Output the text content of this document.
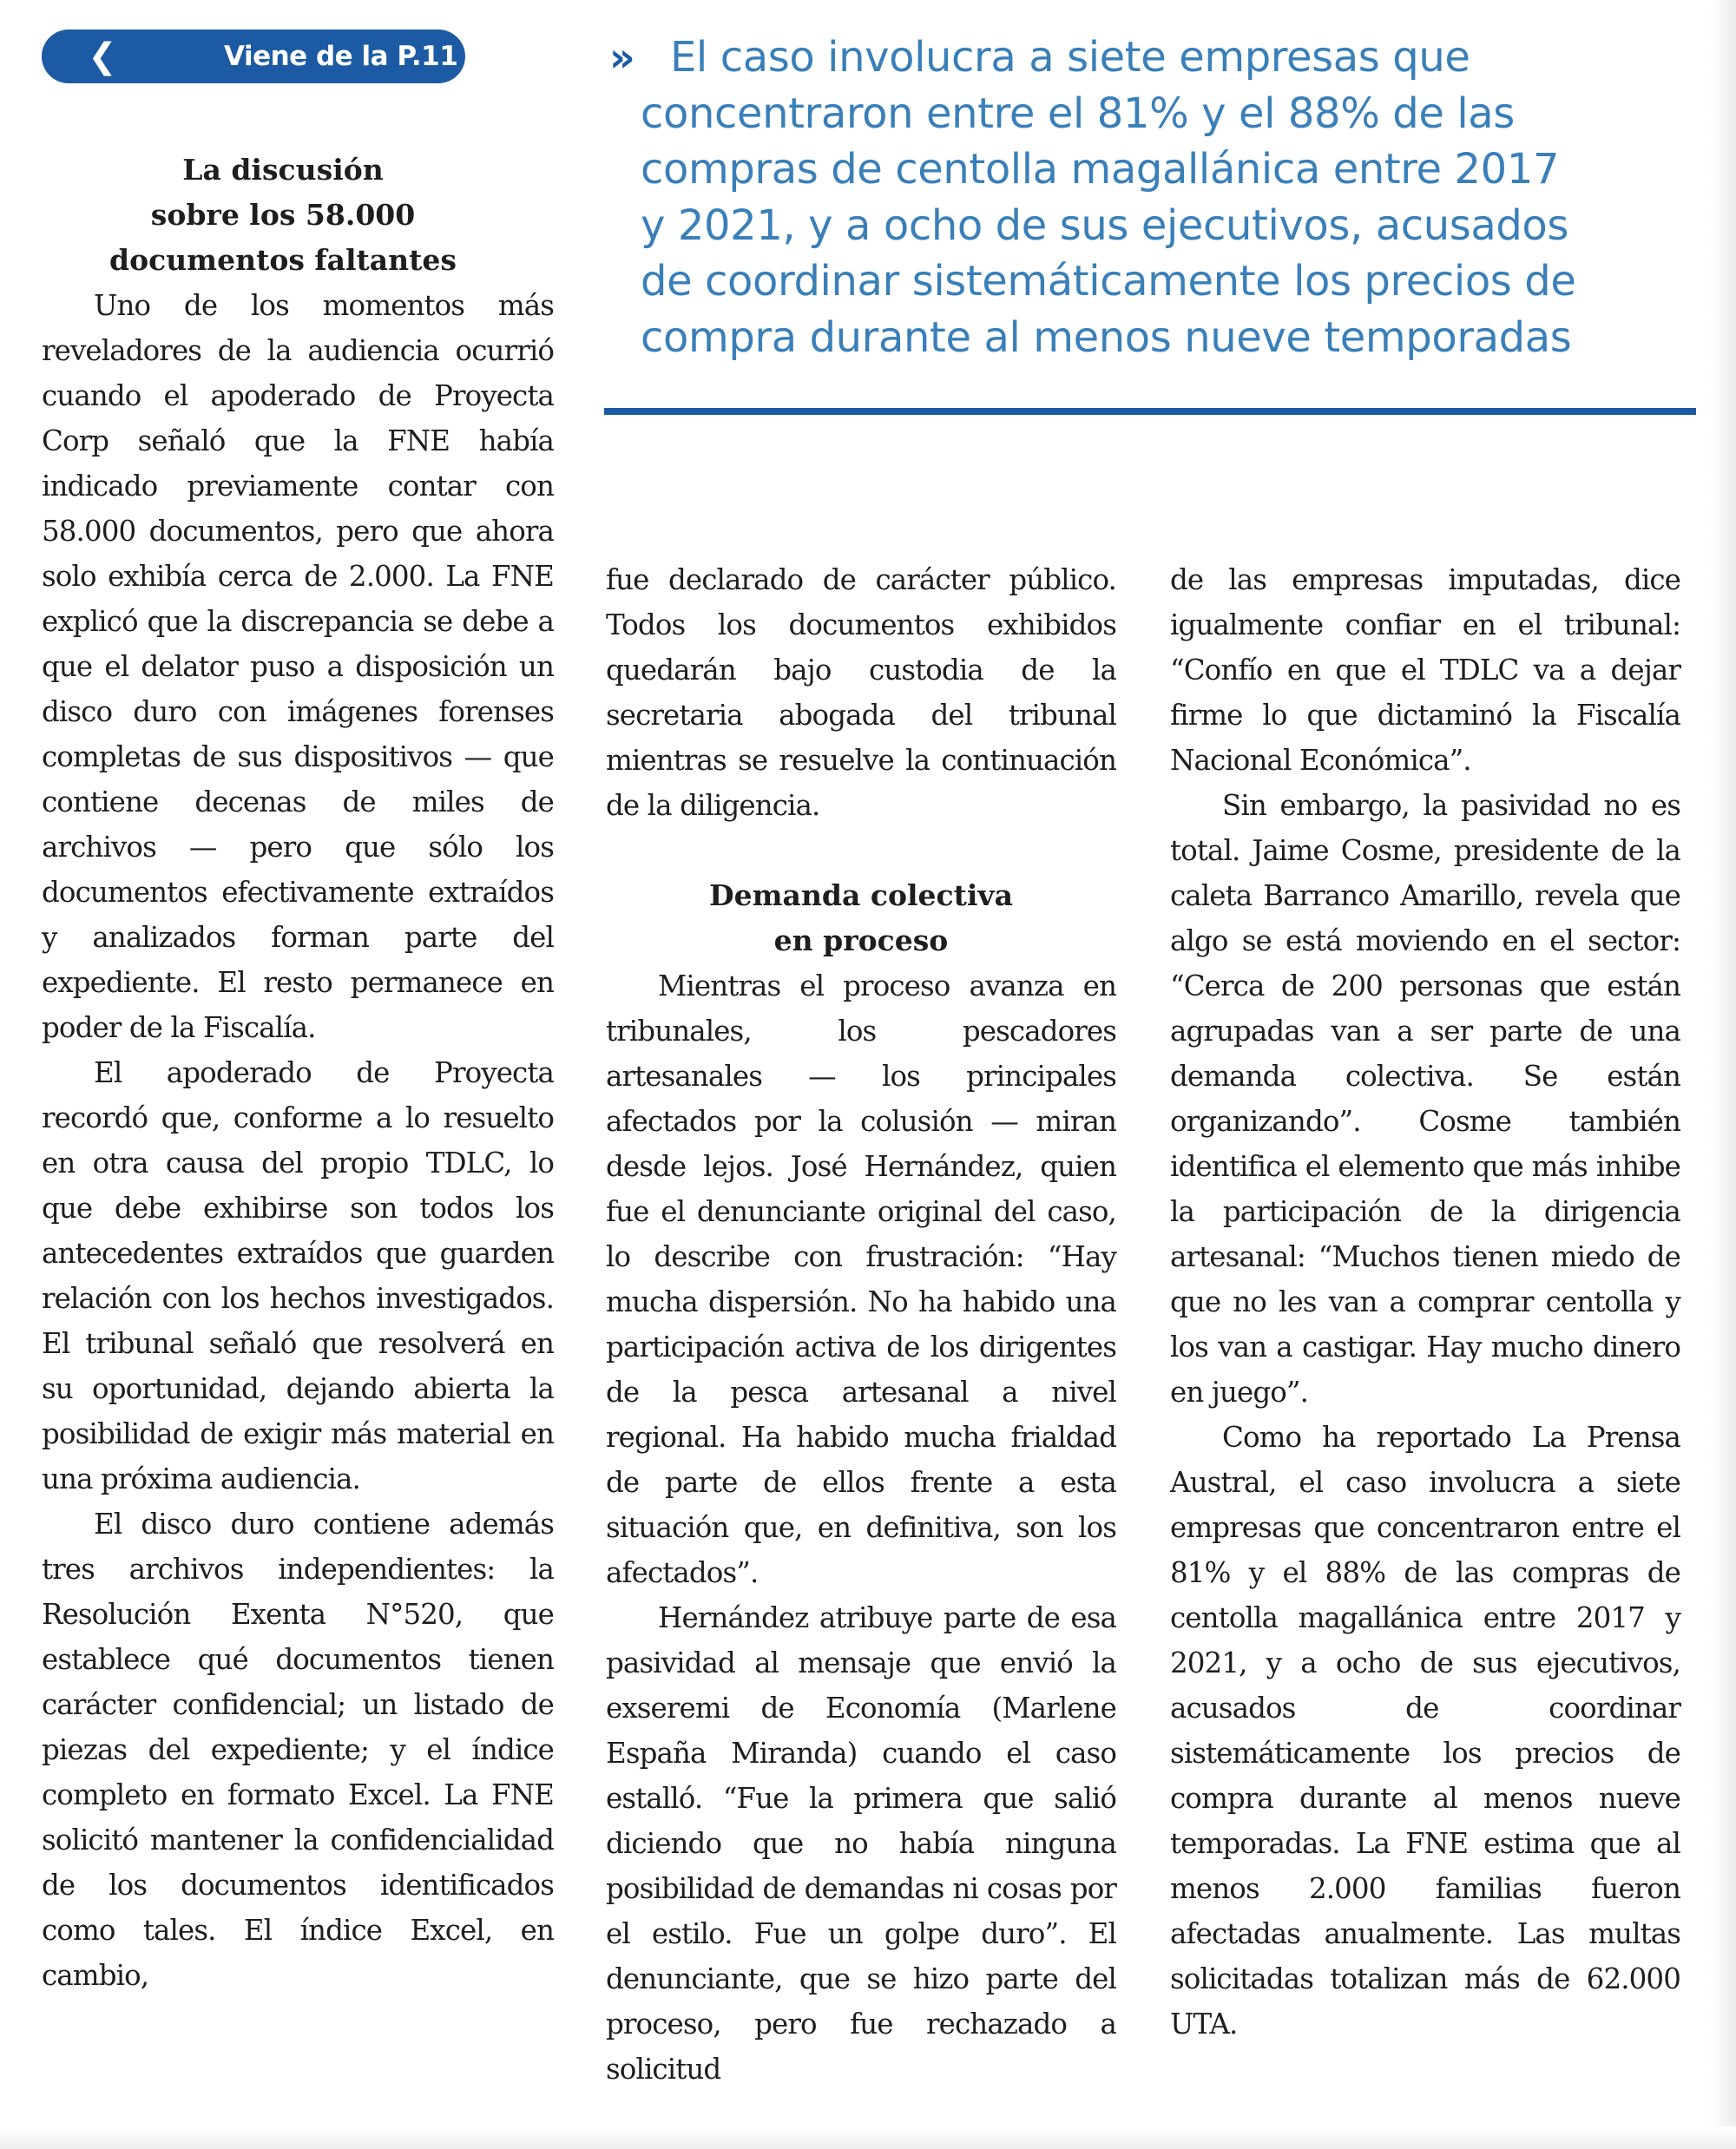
❮	Viene de la P.11	» El caso involucra a siete empresas que
concentraron entre el 81% y el 88% de las
compras de centolla magallánica entre 2017
y 2021, y a ocho de sus ejecutivos, acusados
de coordinar sistemáticamente los precios de
compra durante al menos nueve temporadas
La discusión
sobre los 58.000
documentos faltantes

Uno de los momentos más reveladores de la audiencia ocurrió cuando el apoderado de Proyecta Corp señaló que la FNE había indicado previamente contar con 58.000 documentos, pero que ahora solo exhibía cerca de 2.000. La FNE explicó que la discrepancia se debe a que el delator puso a disposición un disco duro con imágenes forenses completas de sus dispositivos — que contiene decenas de miles de archivos — pero que sólo los documentos efectivamente extraídos y analizados forman parte del expediente. El resto permanece en poder de la Fiscalía.

El apoderado de Proyecta recordó que, conforme a lo resuelto en otra causa del propio TDLC, lo que debe exhibirse son todos los antecedentes extraídos que guarden relación con los hechos investigados. El tribunal señaló que resolverá en su oportunidad, dejando abierta la posibilidad de exigir más material en una próxima audiencia.

El disco duro contiene además tres archivos independientes: la Resolución Exenta N°520, que establece qué documentos tienen carácter confidencial; un listado de piezas del expediente; y el índice completo en formato Excel. La FNE solicitó mantener la confidencialidad de los documentos identificados como tales. El índice Excel, en cambio,

fue declarado de carácter público. Todos los documentos exhibidos quedarán bajo custodia de la secretaria abogada del tribunal mientras se resuelve la continuación de la diligencia.

Demanda colectiva
en proceso

Mientras el proceso avanza en tribunales, los pescadores artesanales — los principales afectados por la colusión — miran desde lejos. José Hernández, quien fue el denunciante original del caso, lo describe con frustración: “Hay mucha dispersión. No ha habido una participación activa de los dirigentes de la pesca artesanal a nivel regional. Ha habido mucha frialdad de parte de ellos frente a esta situación que, en definitiva, son los afectados”.

Hernández atribuye parte de esa pasividad al mensaje que envió la exseremi de Economía (Marlene España Miranda) cuando el caso estalló. “Fue la primera que salió diciendo que no había ninguna posibilidad de demandas ni cosas por el estilo. Fue un golpe duro”. El denunciante, que se hizo parte del proceso, pero fue rechazado a solicitud

de las empresas imputadas, dice igualmente confiar en el tribunal: “Confío en que el TDLC va a dejar firme lo que dictaminó la Fiscalía Nacional Económica”.

Sin embargo, la pasividad no es total. Jaime Cosme, presidente de la caleta Barranco Amarillo, revela que algo se está moviendo en el sector: “Cerca de 200 personas que están agrupadas van a ser parte de una demanda colectiva. Se están organizando”. Cosme también identifica el elemento que más inhibe la participación de la dirigencia artesanal: “Muchos tienen miedo de que no les van a comprar centolla y los van a castigar. Hay mucho dinero en juego”.

Como ha reportado La Prensa Austral, el caso involucra a siete empresas que concentraron entre el 81% y el 88% de las compras de centolla magallánica entre 2017 y 2021, y a ocho de sus ejecutivos, acusados de coordinar sistemáticamente los precios de compra durante al menos nueve temporadas. La FNE estima que al menos 2.000 familias fueron afectadas anualmente. Las multas solicitadas totalizan más de 62.000 UTA.
